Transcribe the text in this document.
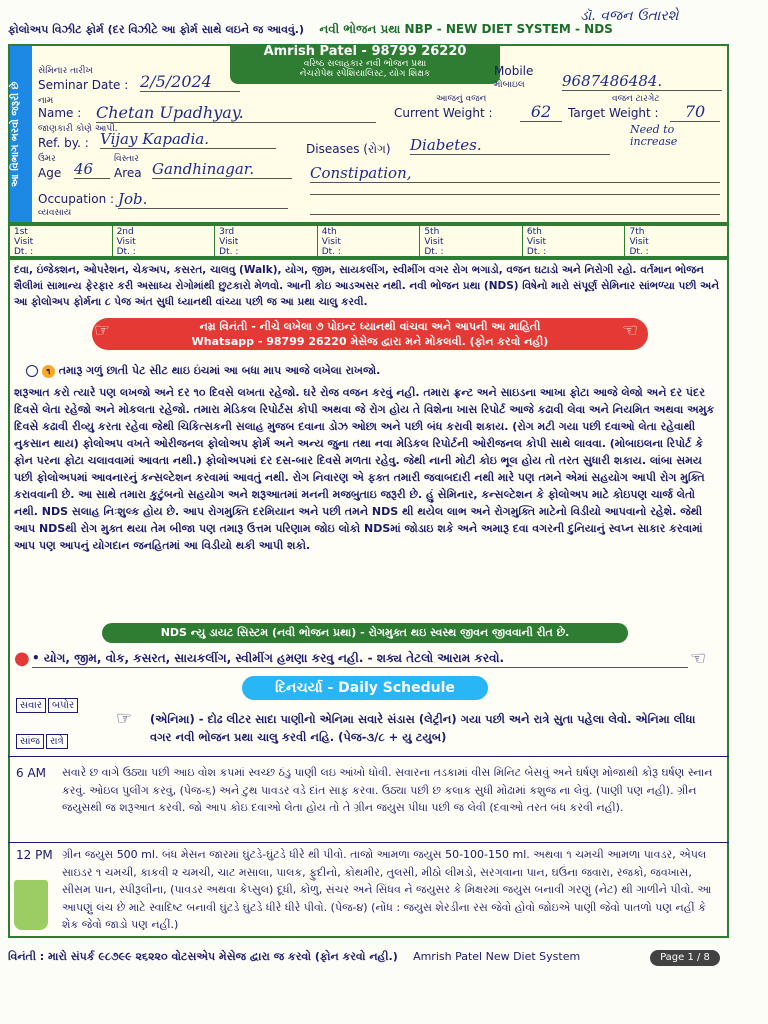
ફોલોઅપ વિઝીટ ફોર્મ (દર વિઝીટે આ ફોર્મ સાથે લઇને જ આવવું.) નવી ભોજન પ્રથા NBP - NEW DIET SYSTEM - NDS
ડૉ. વજન ઉતારશે
આ વિભાગ ભરવો જરૂરી છે
Amrish Patel - 98799 26220
વરિષ્ઠ સલાહકાર નવી ભોજન પ્રથા
નેચરોપેથ સ્પેશિયાલિસ્ટ, યોગ શિક્ષક
સેમિનાર તારીખ
Seminar Date : 2/5/2024
નામ
Name : Chetan Upadhyay.
જાણકારી કોણે આપી.
Ref. by. : Vijay Kapadia.
ઉંમર
Age 46
વિસ્તાર
Area Gandhinagar.
Occupation :
વ્યવસાય
Job.
Mobile
મોબાઇલ 9687486484.
આજનું વજન
Current Weight :	62
વજન ટારગેટ
Target Weight :	70
Need to increase
Diseases (રોગ) Diabetes.
Constipation,
1st
Visit
Dt. :
2nd
Visit
Dt. :
3rd
Visit
Dt. :
4th
Visit
Dt. :
5th
Visit
Dt. :
6th
Visit
Dt. :
7th
Visit
Dt. :
દવા, ઇંજેક્શન, ઓપરેશન, ચેકઅપ, કસરત, ચાલવુ (Walk), યોગ, જીમ, સાયકલીંગ, સ્વીમીંગ વગર રોગ ભગાડો, વજન ઘટાડો અને નિરોગી રહો. વર્તમાન ભોજન શૈલીમાં સામાન્ય ફેરફાર કરી અસાધ્ય રોગોમાંથી છુટકારો મેળવો. આની કોઇ આડઅસર નથી. નવી ભોજન પ્રથા (NDS) વિષેનો મારો સંપૂર્ણ સેમિનાર સાંભળ્યા પછી અને આ ફોલોઅપ ફોર્મના ૮ પેજ અંત સુધી ધ્યાનથી વાંચ્યા પછી જ આ પ્રથા ચાલુ કરવી.
નમ્ર વિનંતી - નીચે લખેલા ૭ પોઇન્ટ ધ્યાનથી વાંચવા અને આપની આ માહિતી
Whatsapp - 98799 26220 મેસેજ દ્વારા મને મોકલવી. (ફોન કરવો નહી)
☞	☜
૧ તમારૂ ગળું છાતી પેટ સીટ થાઇ ઇંચમાં આ બધા માપ આજે લખેલા રાખજો.
શરૂઆત કરો ત્યારે પણ લખજો અને દર ૧૦ દિવસે લખતા રહેજો. ઘરે રોજ વજન કરવું નહી. તમારા ફ્રન્ટ અને સાઇડના આખા ફોટા આજે લેજો અને દર પંદર દિવસે લેતા રહેજો અને મોકલતા રહેજો. તમારા મેડિકલ રિપોર્ટસ કોપી અથવા જે રોગ હોય તે વિશેના ખાસ રિપોર્ટ આજે કઢાવી લેવા અને નિયમિત અથવા અમુક દિવસે કઢાવી રીવ્યુ કરતા રહેવા જેથી ચિકિત્સકની સલાહ મુજબ દવાના ડોઝ ઓછા અને પછી બંધ કરાવી શકાય. (રોગ મટી ગયા પછી દવાઓ લેતા રહેવાથી નુકસાન થાય) ફોલોઅપ વખતે ઓરીજનલ ફોલોઅપ ફોર્મ અને અન્ય જુના તથા નવા મેડિકલ રિપોર્ટની ઓરીજનલ કોપી સાથે લાવવા. (મોબાઇલના રિપોર્ટ કે ફોન પરના ફોટા ચલાવવામાં આવતા નથી.) ફોલોઅપમાં દર દસ-બાર દિવસે મળતા રહેવુ. જેથી નાની મોટી કોઇ ભૂલ હોય તો તરત સુધારી શકાય. લાંબા સમય પછી ફોલોઅપમાં આવનારનું કન્સલ્ટેશન કરવામાં આવતું નથી. રોગ નિવારણ એ ફક્ત તમારી જવાબદારી નથી મારે પણ તમને એમાં સહયોગ આપી રોગ મુક્તિ કરાવવાની છે. આ સાથે તમારા કુટુંબનો સહયોગ અને શરૂઆતમાં મનની મજબુતાઇ જરૂરી છે. હું સેમિનાર, કન્સલ્ટેશન કે ફોલોઅપ માટે કોઇપણ ચાર્જ લેતો નથી. NDS સલાહ નિઃશુલ્ક હોય છે. આપ રોગમુક્તિ દરમિયાન અને પછી તમને NDS થી થયેલ લાભ અને રોગમુક્તિ માટેનો વિડીયો આપવાનો રહેશે. જેથી આપ NDSથી રોગ મુક્ત થયા તેમ બીજા પણ તમારૂ ઉત્તમ પરિણામ જોઇ લોકો NDSમાં જોડાઇ શકે અને અમારૂ દવા વગરની દુનિયાનું સ્વપ્ન સાકાર કરવામાં આપ પણ આપનું યોગદાન જનહિતમાં આ વિડીયો થકી આપી શકો.
NDS ન્યુ ડાયટ સિસ્ટમ (નવી ભોજન પ્રથા) - રોગમુક્ત થઇ સ્વસ્થ જીવન જીવવાની રીત છે.
• યોગ, જીમ, વોક, કસરત, સાયકલીંગ, સ્વીમીંગ હમણા કરવુ નહી. - શક્ય તેટલો આરામ કરવો.
●	☜
દિનચર્યા - Daily Schedule
સવાર	બપોર
સાંજ	રાત્રે
☞ (એનિમા) - દોઢ લીટર સાદા પાણીનો એનિમા સવારે સંડાસ (લેટ્રીન) ગયા પછી અને રાત્રે સુતા પહેલા લેવો. એનિમા લીધા વગર નવી ભોજન પ્રથા ચાલુ કરવી નહિ. (પેજ-૩/૮ + યુ ટયુબ)
6 AM સવારે છ વાગે ઉઠ્યા પછી આઇ વોશ કપમાં સ્વચ્છ ઠંડુ પાણી લઇ આંખો ધોવી. સવારના તડકામાં વીસ મિનિટ બેસવું અને ઘર્ષણ મોજાથી કોરૂ ઘર્ષણ સ્નાન કરવું. ઓઇલ પુલીંગ કરવું, (પેજ-૬) અને ટુથ પાવડર વડે દાંત સાફ કરવા. ઉઠ્યા પછી છ કલાક સુધી મોઢામાં કશુજ ના લેવું. (પાણી પણ નહી). ગ્રીન જયુસથી જ શરૂઆત કરવી. જો આપ કોઇ દવાઓ લેતા હોય તો તે ગ્રીન જયુસ પીધા પછી જ લેવી (દવાઓ તરત બંધ કરવી નહી).
12 PM ગ્રીન જયુસ 500 ml. બંધ મેસન જારમાં ઘુંટડે-ઘુંટડે ધીરે થી પીવો. તાજો આમળા જયુસ 50-100-150 ml. અથવા ૧ ચમચી આમળા પાવડર, એપલ સાઇડર ૧ ચમચી, કાકવી ૨ ચમચી, ચાટ મસાલા, પાલક, ફુદીનો, કોથમીર, તુલસી, મીઠો લીમડો, સરગવાના પાન, ઘઉંના જવારા, રજકો, જવખાસ, સીસમ પાન, સ્પીરૂલીના, (પાવડર અથવા કેપ્સુલ) દૂધી, કોળુ, સંચર અને સિંધવ ને જયુસર કે મિક્ષરમાં જયુસ બનાવી ગરણું (નેટ) થી ગાળીને પીવો. આ આપણું લંચ છે માટે સ્વાદિષ્ટ બનાવી ઘુંટડે ઘુંટડે ધીરે ધીરે પીવો. (પેજ-૪) (નોંધ : જયુસ શેરડીના રસ જેવો હોવો જોઇએ પાણી જેવો પાતળો પણ નહીં કે શેક જેવો જાડો પણ નહીં.)
વિનંતી : મારો સંપર્ક ૯૮૭૯૯ ૨૬૨૨૦ વોટસએપ મેસેજ દ્વારા જ કરવો (ફોન કરવો નહી.) Amrish Patel New Diet System	Page 1 / 8
